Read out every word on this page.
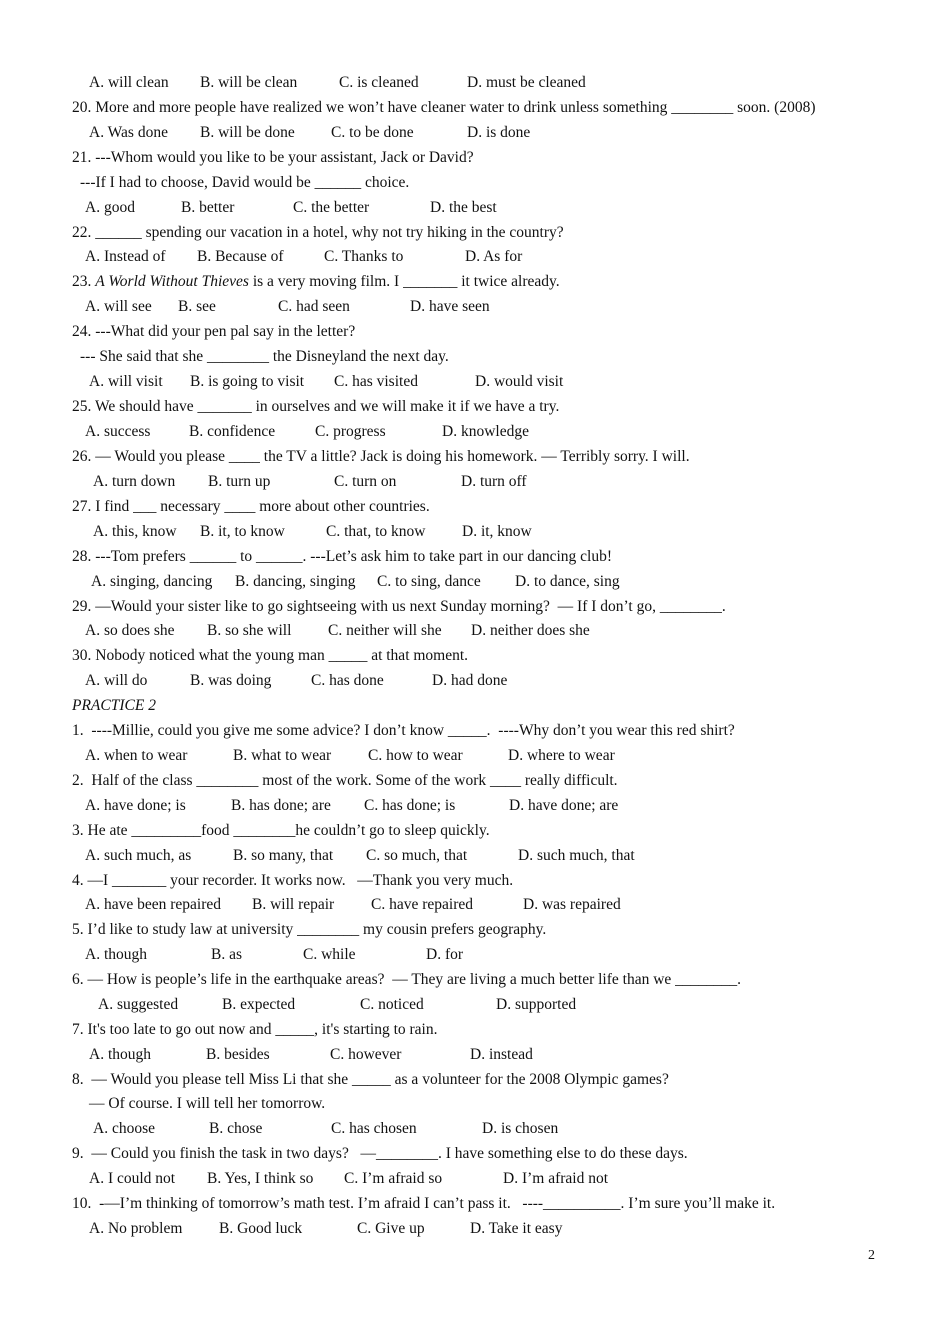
A. will clean B. will be clean	C. is cleaned	D. must be cleaned
20. More and more people have realized we won’t have cleaner water to drink unless something ________ soon. (2008)
A. Was done B. will be done C. to be done	D. is done
21. ---Whom would you like to be your assistant, Jack or David?
---If I had to choose, David would be ______ choice.
A. good	B. better	C. the better	D. the best
22. ______ spending our vacation in a hotel, why not try hiking in the country?
A. Instead of B. Because of	C. Thanks to	D. As for
23. A World Without Thieves is a very moving film. I _______ it twice already.
A. will see B. see	C. had seen	D. have seen
24. ---What did your pen pal say in the letter?
--- She said that she ________ the Disneyland the next day.
A. will visit B. is going to visit C. has visited	D. would visit
25. We should have _______ in ourselves and we will make it if we have a try.
A. success B. confidence	C. progress	D. knowledge
26. — Would you please ____ the TV a little? Jack is doing his homework. — Terribly sorry. I will.
A. turn down B. turn up	C. turn on	D. turn off
27. I find ___ necessary ____ more about other countries.
A. this, know B. it, to know	C. that, to know D. it, know
28. ---Tom prefers ______ to ______. ---Let’s ask him to take part in our dancing club!
A. singing, dancing B. dancing, singing C. to sing, dance D. to dance, sing
29. —Would your sister like to go sightseeing with us next Sunday morning?  — If I don’t go, ________.
A. so does she B. so she will C. neither will she D. neither does she
30. Nobody noticed what the young man _____ at that moment.
A. will do	B. was doing	C. has done	D. had done
PRACTICE 2
1.  ----Millie, could you give me some advice? I don’t know _____.  ----Why don’t you wear this red shirt?
A. when to wear	B. what to wear C. how to wear	D. where to wear
2.  Half of the class ________ most of the work. Some of the work ____ really difficult.
A. have done; is	B. has done; are C. has done; is	D. have done; are
3. He ate _________food ________he couldn’t go to sleep quickly.
A. such much, as	B. so many, that C. so much, that	D. such much, that
4. —I _______ your recorder. It works now.   —Thank you very much.
A. have been repaired B. will repair C. have repaired	D. was repaired
5. I’d like to study law at university ________ my cousin prefers geography.
A. though	B. as	C. while	D. for
6. — How is people’s life in the earthquake areas?  — They are living a much better life than we ________.
A. suggested	B. expected	C. noticed	D. supported
7. It's too late to go out now and _____, it's starting to rain.
A. though	B. besides	C. however	D. instead
8.  — Would you please tell Miss Li that she _____ as a volunteer for the 2008 Olympic games?
— Of course. I will tell her tomorrow.
A. choose	B. chose	C. has chosen	D. is chosen
9.  — Could you finish the task in two days?   —________. I have something else to do these days.
A. I could not B. Yes, I think so C. I’m afraid so	D. I’m afraid not
10.  -—I’m thinking of tomorrow’s math test. I’m afraid I can’t pass it.   ----__________. I’m sure you’ll make it.
A. No problem B. Good luck	C. Give up	D. Take it easy
2
